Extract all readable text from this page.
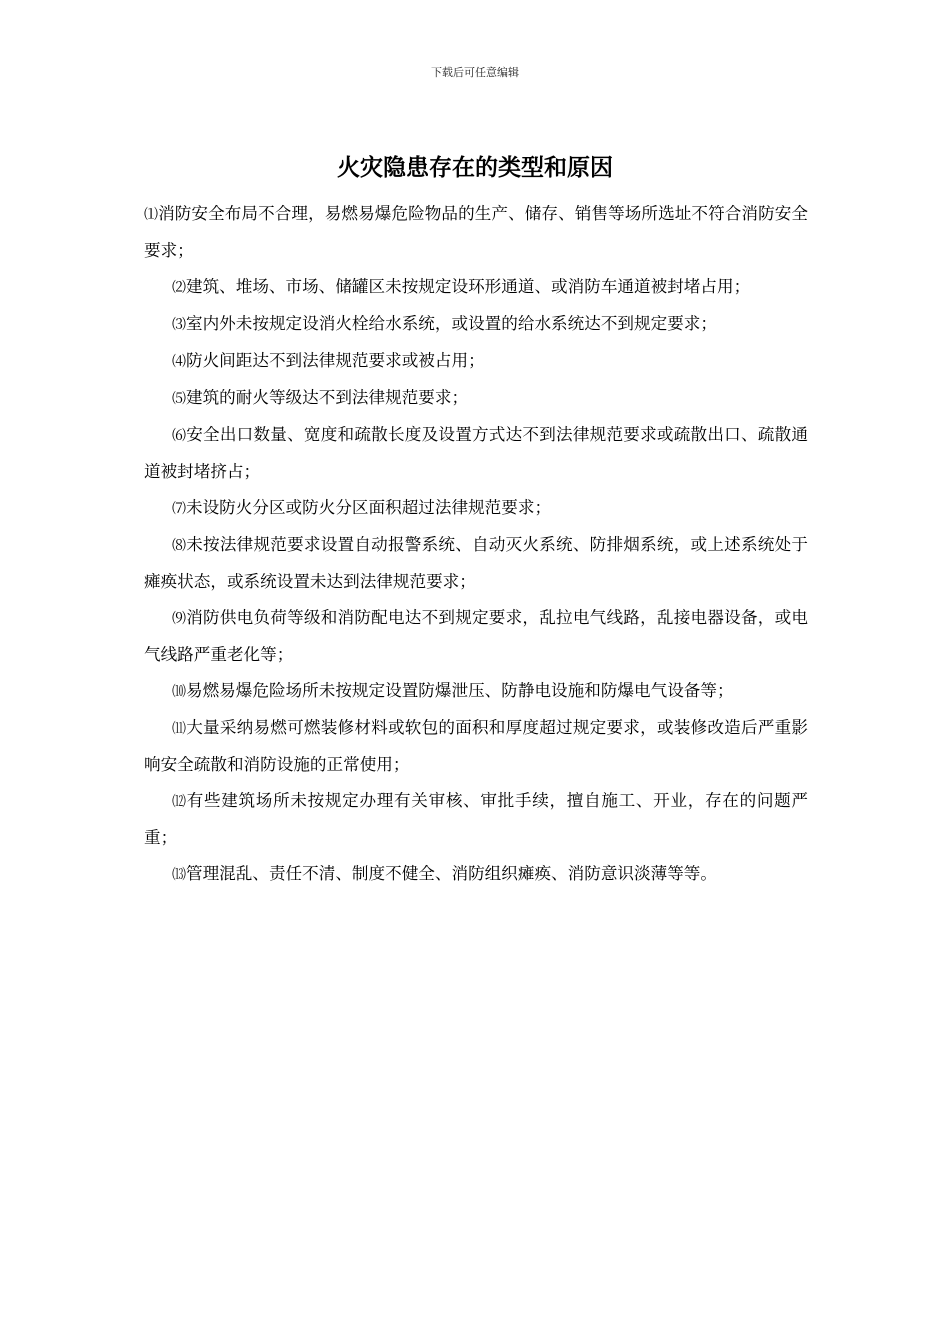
下载后可任意编辑
火灾隐患存在的类型和原因

⑴消防安全布局不合理，易燃易爆危险物品的生产、储存、销售等场所选址不符合消防安全要求；

⑵建筑、堆场、市场、储罐区未按规定设环形通道、或消防车通道被封堵占用；

⑶室内外未按规定设消火栓给水系统，或设置的给水系统达不到规定要求；

⑷防火间距达不到法律规范要求或被占用；

⑸建筑的耐火等级达不到法律规范要求；

⑹安全出口数量、宽度和疏散长度及设置方式达不到法律规范要求或疏散出口、疏散通道被封堵挤占；

⑺未设防火分区或防火分区面积超过法律规范要求；

⑻未按法律规范要求设置自动报警系统、自动灭火系统、防排烟系统，或上述系统处于瘫痪状态，或系统设置未达到法律规范要求；

⑼消防供电负荷等级和消防配电达不到规定要求，乱拉电气线路，乱接电器设备，或电气线路严重老化等；

⑽易燃易爆危险场所未按规定设置防爆泄压、防静电设施和防爆电气设备等；

⑾大量采纳易燃可燃装修材料或软包的面积和厚度超过规定要求，或装修改造后严重影响安全疏散和消防设施的正常使用；

⑿有些建筑场所未按规定办理有关审核、审批手续，擅自施工、开业，存在的问题严重；

⒀管理混乱、责任不清、制度不健全、消防组织瘫痪、消防意识淡薄等等。
